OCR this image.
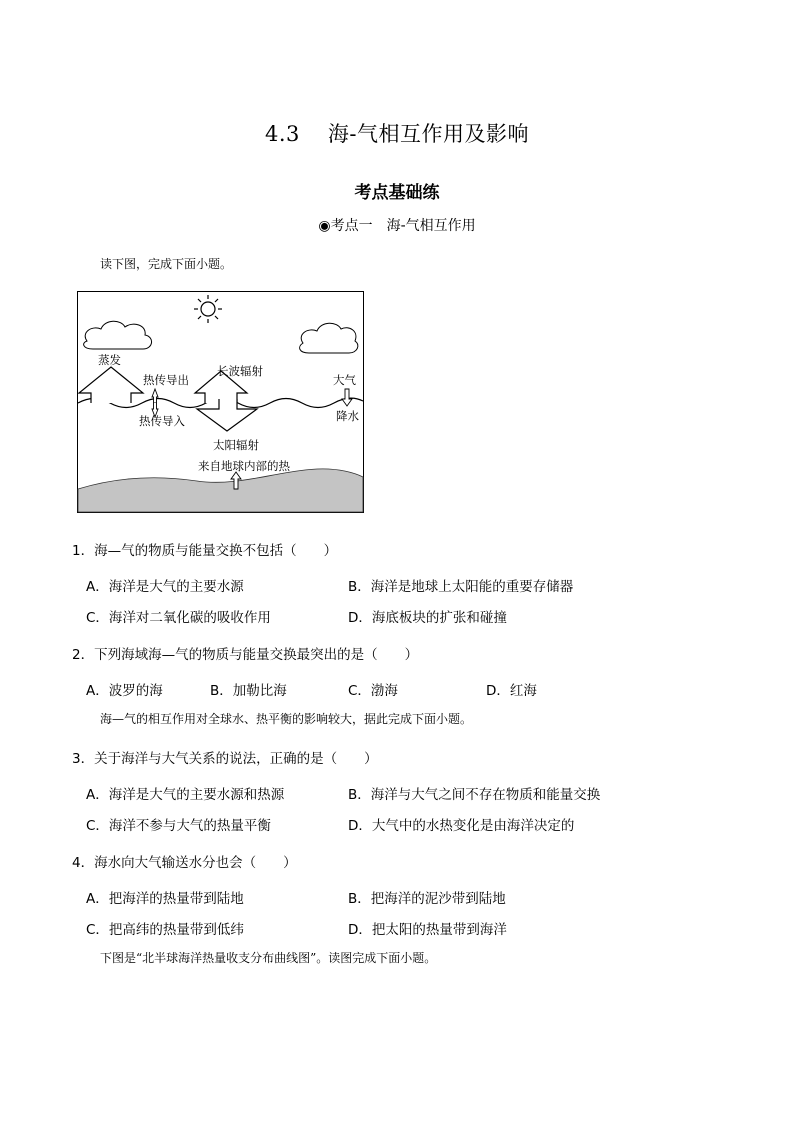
4.3 海-气相互作用及影响
考点基础练
◉考点一 海-气相互作用
读下图，完成下面小题。
蒸发
热传导出
热传导入
长波辐射
大气
降水
太阳辐射
来自地球内部的热
1．海—气的物质与能量交换不包括（　　）
A．海洋是大气的主要水源	B．海洋是地球上太阳能的重要存储器
C．海洋对二氧化碳的吸收作用	D．海底板块的扩张和碰撞
2．下列海域海—气的物质与能量交换最突出的是（　　）
A．波罗的海	B．加勒比海	C．渤海	D．红海
海—气的相互作用对全球水、热平衡的影响较大，据此完成下面小题。
3．关于海洋与大气关系的说法，正确的是（　　）
A．海洋是大气的主要水源和热源	B．海洋与大气之间不存在物质和能量交换
C．海洋不参与大气的热量平衡	D．大气中的水热变化是由海洋决定的
4．海水向大气输送水分也会（　　）
A．把海洋的热量带到陆地	B．把海洋的泥沙带到陆地
C．把高纬的热量带到低纬	D．把太阳的热量带到海洋
下图是“北半球海洋热量收支分布曲线图”。读图完成下面小题。
